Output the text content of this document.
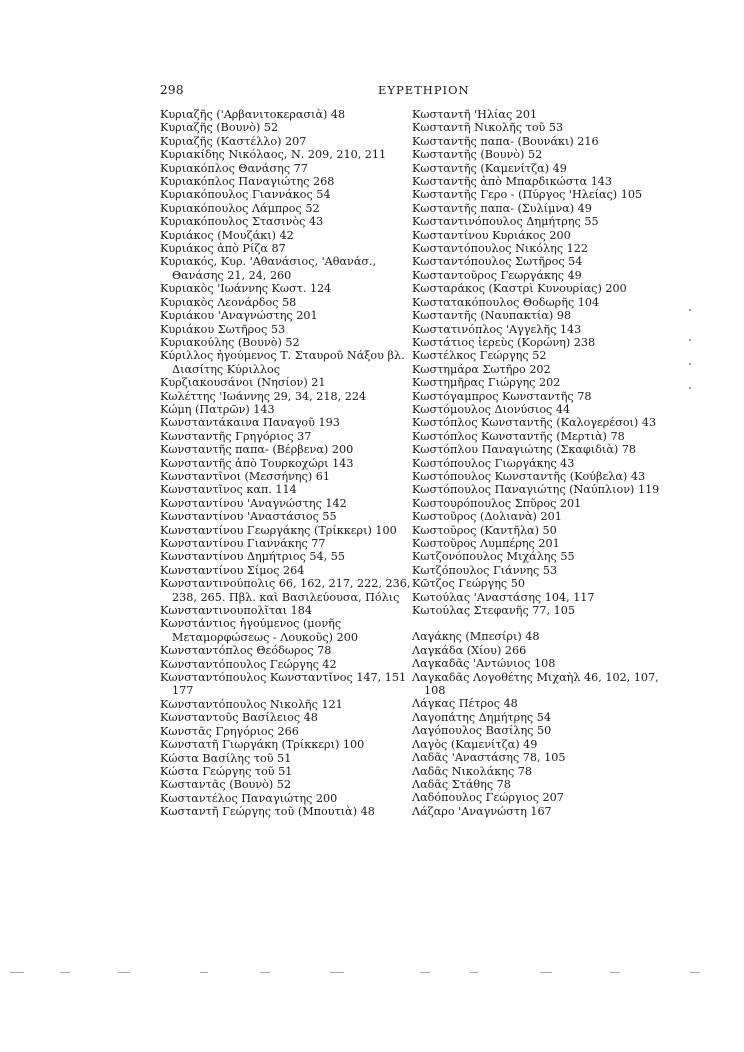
298	ΕΥΡΕΤΗΡΙΟΝ
Κυριαζῆς ('Αρβανιτοκερασιὰ) 48
Κυριαζῆς (Βουνὸ) 52
Κυριαζῆς (Καστέλλο) 207
Κυριακίδης Νικόλαος, Ν. 209, 210, 211
Κυριακόπλος Θανάσης 77
Κυριακόπλος Παναγιώτης 268
Κυριακόπουλος Γιαννάκος 54
Κυριακόπουλος Λάμπρος 52
Κυριακόπουλος Στασινὸς 43
Κυριάκος (Μουζάκι) 42
Κυριάκος ἀπὸ Ρίζα 87
Κυριακός, Κυρ. 'Αθανάσιος, 'Αθανάσ., Θανάσης 21, 24, 260
Κυριακὸς 'Ιωάννης Κωστ. 124
Κυριακὸς Λεονάρδος 58
Κυριάκου 'Αναγνώστης 201
Κυριάκου Σωτῆρος 53
Κυριακούλης (Βουνὸ) 52
Κύριλλος ἡγούμενος Τ. Σταυροῦ Νάξου βλ. Διασίτης Κύριλλος
Κυρζιακουσάνοι (Νησίον) 21
Κωλέττης 'Ιωάννης 29, 34, 218, 224
Κώμη (Πατρῶν) 143
Κωνσταντάκαινα Παναγοῦ 193
Κωνσταντῆς Γρηγόριος 37
Κωνσταντῆς παπα- (Βέρβενα) 200
Κωνσταντῆς ἀπὸ Τουρκοχώρι 143
Κωνσταντῖνοι (Μεσσήνης) 61
Κωνσταντῖνος καπ. 114
Κωνσταντίνου 'Αναγνώστης 142
Κωνσταντίνου 'Αναστάσιος 55
Κωνσταντίνου Γεωργάκης (Τρίκκερι) 100
Κωνσταντίνου Γιαννάκης 77
Κωνσταντίνου Δημήτριος 54, 55
Κωνσταντίνου Σίμος 264
Κωνσταντινούπολις 66, 162, 217, 222, 236, 238, 265. Πβλ. καὶ Βασιλεύουσα, Πόλις
Κωνσταντινουπολῖται 184
Κωνστάντιος ἡγούμενος (μονῆς Μεταμορφώσεως - Λουκοῦς) 200
Κωνσταντόπλος Θεόδωρος 78
Κωνσταντόπουλος Γεώργης 42
Κωνσταντόπουλος Κωνσταντῖνος 147, 151 177
Κωνσταντόπουλος Νικολῆς 121
Κωνσταντοῦς Βασίλειος 48
Κωνστᾶς Γρηγόριος 266
Κωνστατῆ Γιωργάκη (Τρίκκερι) 100
Κώστα Βασίλης τοῦ 51
Κώστα Γεώργης τοῦ 51
Κωσταντᾶς (Βουνὸ) 52
Κωσταντέλος Παναγιώτης 200
Κωσταντῆ Γεώργης τοῦ (Μπουτιὰ) 48
Κωσταντῆ 'Ηλίας 201
Κωσταντῆ Νικολῆς τοῦ 53
Κωσταντῆς παπα- (Βουνάκι) 216
Κωσταντῆς (Βουνὸ) 52
Κωσταντῆς (Καμενίτζα) 49
Κωσταντῆς ἀπὸ Μπαρδικώστα 143
Κωσταντῆς Γερο - (Πύργος 'Ηλείας) 105
Κωσταντῆς παπα- (Συλίμνα) 49
Κωσταντινόπουλος Δημήτρης 55
Κωσταντίνου Κυριάκος 200
Κωσταντόπουλος Νικόλης 122
Κωσταντόπουλος Σωτῆρος 54
Κωσταντοῦρος Γεωργάκης 49
Κωσταράκος (Καστρὶ Κυνουρίας) 200
Κωστατακόπουλος Θοδωρῆς 104
Κωσταντῆς (Ναυπακτία) 98
Κωστατινόπλος 'Αγγελῆς 143
Κωστάτιος ἱερεὺς (Κορώνη) 238
Κωστέλκος Γεώργης 52
Κωστημάρα Σωτῆρο 202
Κωστημῆρας Γιώργης 202
Κωστόγαμπρος Κωνσταντῆς 78
Κωστόμουλος Διονύσιος 44
Κωστόπλος Κωνσταντῆς (Καλογερέσοι) 43
Κωστόπλος Κωνσταντῆς (Μερτιὰ) 78
Κωστόπλου Παναγιώτης (Σκαφιδιὰ) 78
Κωστόπουλος Γιωργάκης 43
Κωστόπουλος Κωνσταντῆς (Κούβελα) 43
Κωστόπουλος Παναγιώτης (Ναύπλιον) 119
Κωστουρόπουλος Σπῦρος 201
Κωστοῦρος (Δολιανὰ) 201
Κωστοῦρος (Καντῆλα) 50
Κωστοῦρος Λυμπέρης 201
Κωτζονόπουλος Μιχάλης 55
Κωτζόπουλος Γιάννης 53
Κῶτζος Γεώργης 50
Κωτούλας 'Αναστάσης 104, 117
Κωτούλας Στεφανῆς 77, 105
Λαγάκης (Μπεσίρι) 48
Λαγκάδα (Χίου) 266
Λαγκαδᾶς 'Αντώνιος 108
Λαγκαδᾶς Λογοθέτης Μιχαὴλ 46, 102, 107, 108
Λάγκας Πέτρος 48
Λαγοπάτης Δημήτρης 54
Λαγόπουλος Βασίλης 50
Λαγὸς (Καμενίτζα) 49
Λαδᾶς 'Αναστάσης 78, 105
Λαδᾶς Νικολάκης 78
Λαδᾶς Στάθης 78
Λαδόπουλος Γεώργιος 207
Λάζαρο 'Αναγνώστη 167
